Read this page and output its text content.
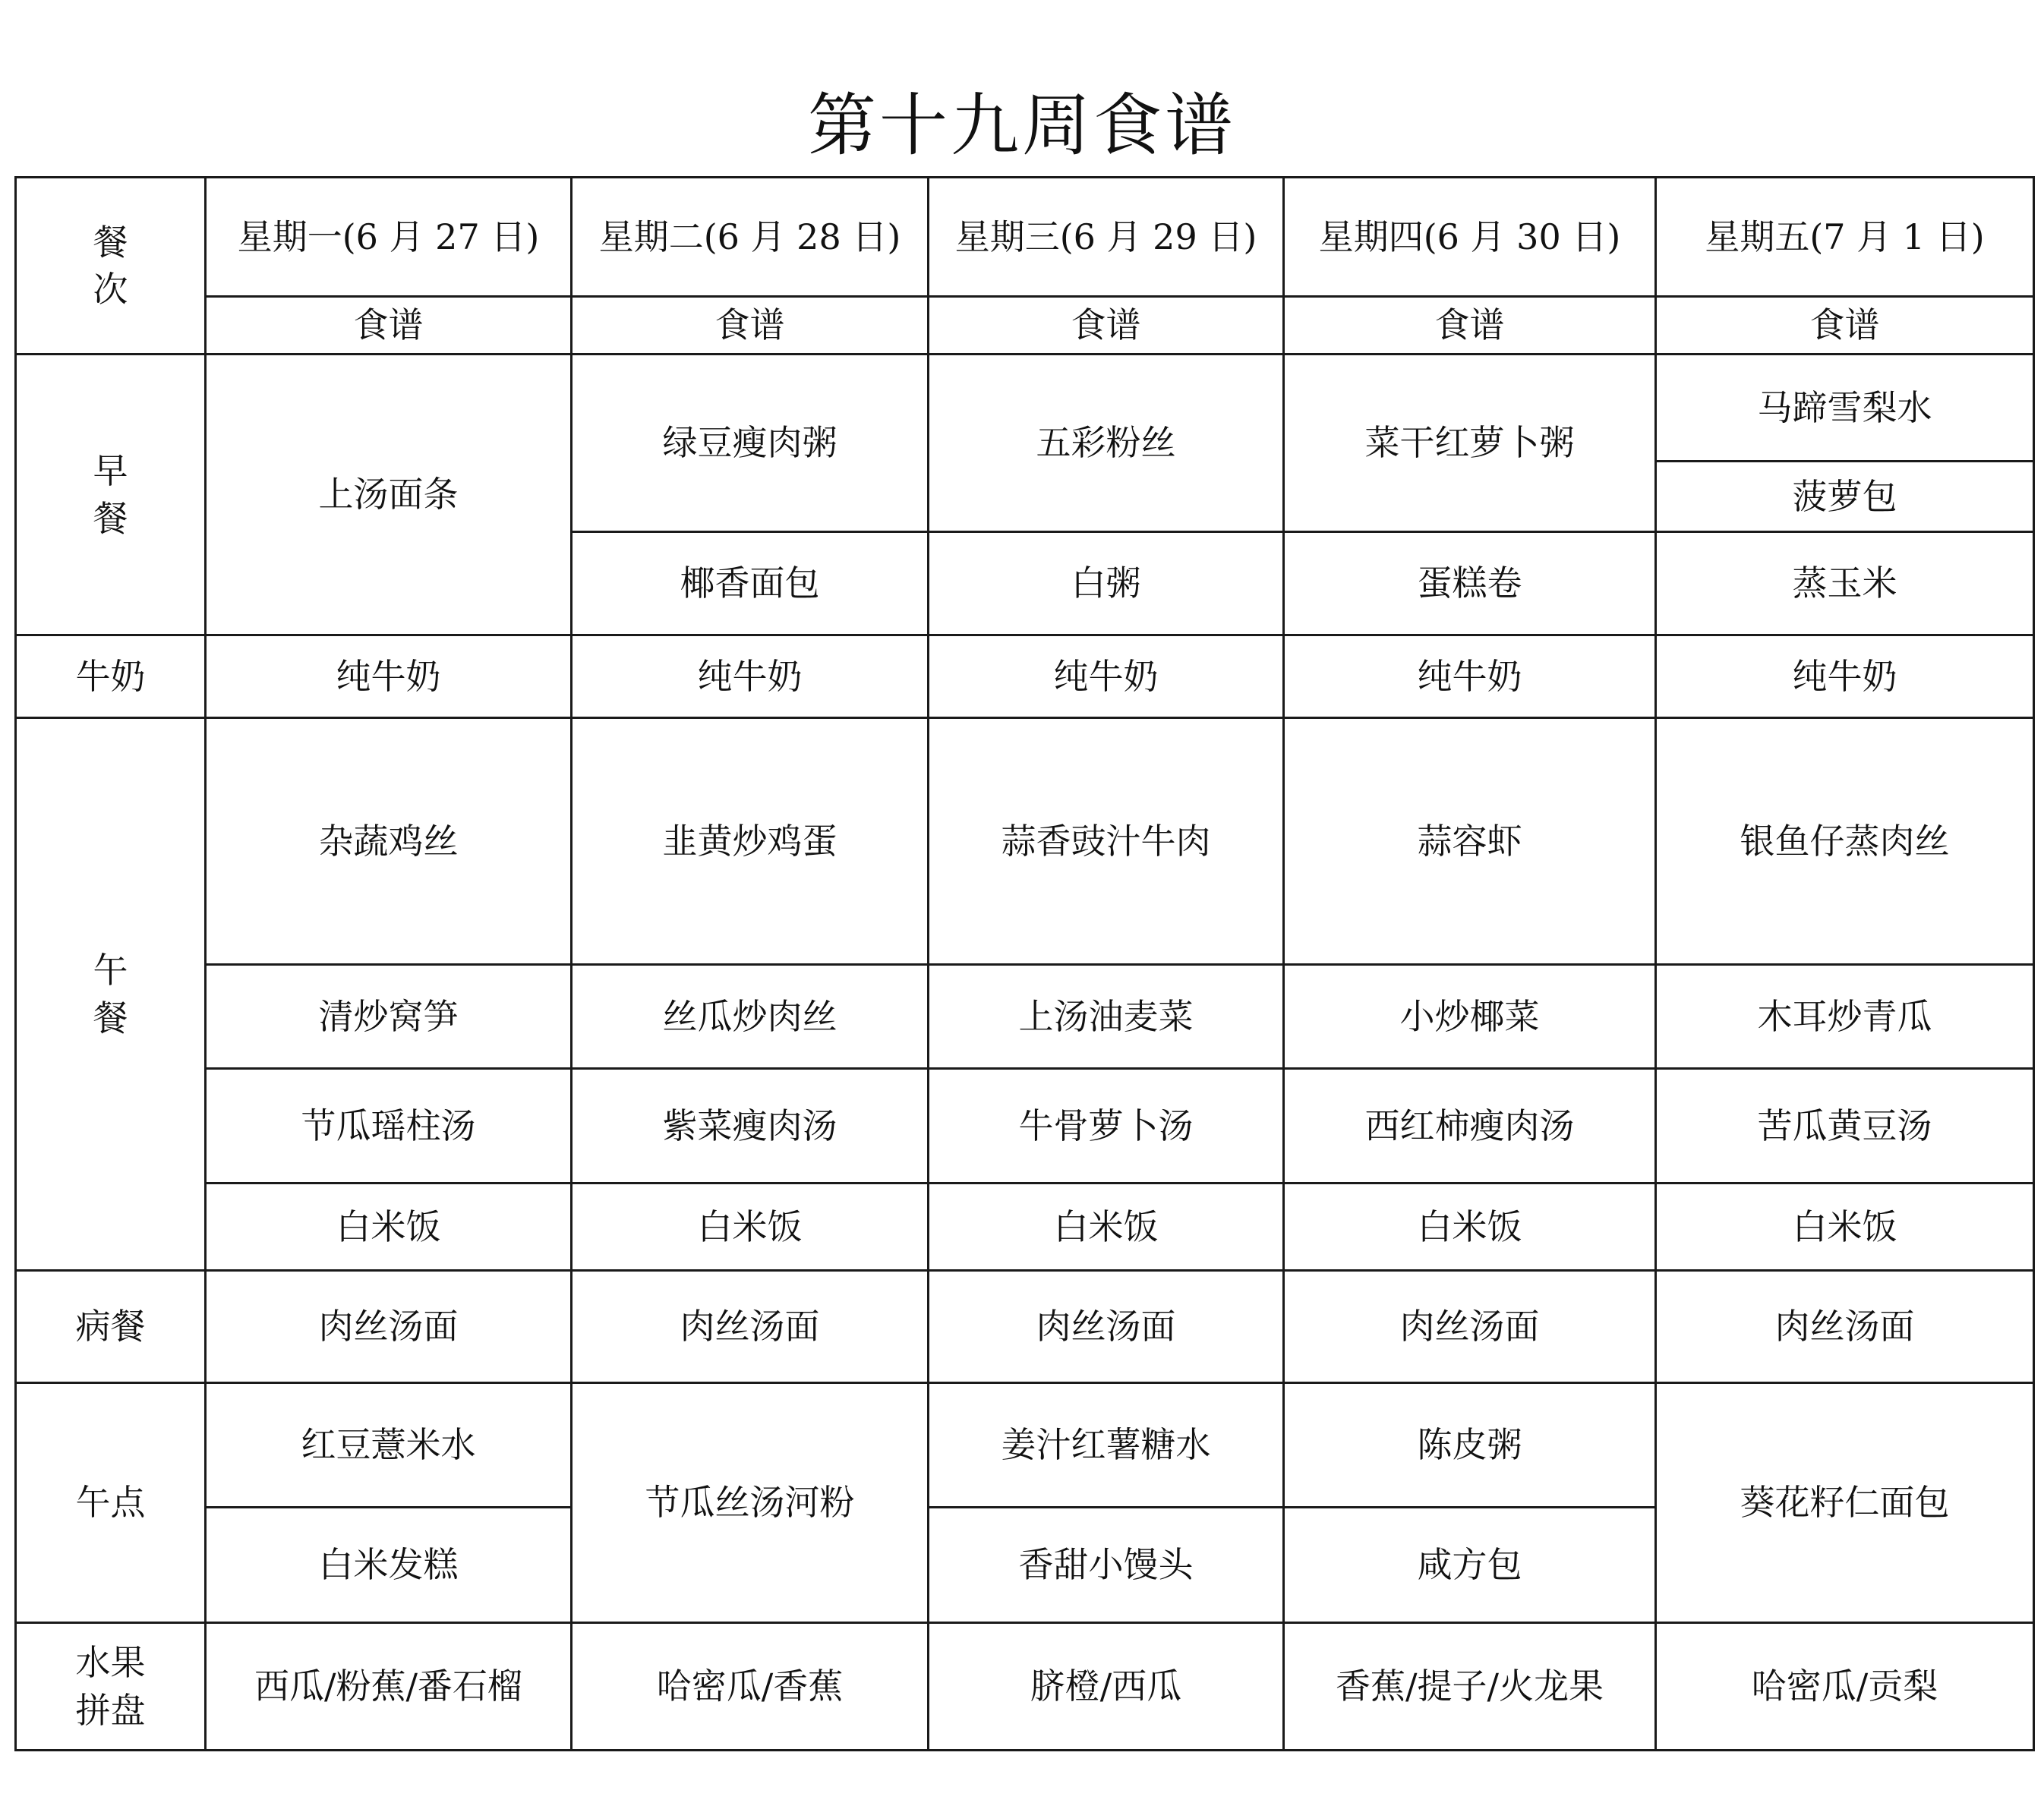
第十九周食谱
餐
次	星期一(6 月 27 日)	星期二(6 月 28 日)	星期三(6 月 29 日)	星期四(6 月 30 日)	星期五(7 月 1 日)
	食谱	食谱	食谱	食谱	食谱

早
餐	上汤面条	绿豆瘦肉粥	五彩粉丝	菜干红萝卜粥	马蹄雪梨水
					菠萝包
		椰香面包	白粥	蛋糕卷	蒸玉米
牛奶	纯牛奶	纯牛奶	纯牛奶	纯牛奶	纯牛奶

午
餐	杂蔬鸡丝	韭黄炒鸡蛋	蒜香豉汁牛肉	蒜容虾	银鱼仔蒸肉丝
	清炒窝笋	丝瓜炒肉丝	上汤油麦菜	小炒椰菜	木耳炒青瓜
	节瓜瑶柱汤	紫菜瘦肉汤	牛骨萝卜汤	西红柿瘦肉汤	苦瓜黄豆汤
	白米饭	白米饭	白米饭	白米饭	白米饭
病餐	肉丝汤面	肉丝汤面	肉丝汤面	肉丝汤面	肉丝汤面
午点	红豆薏米水	节瓜丝汤河粉	姜汁红薯糖水	陈皮粥	葵花籽仁面包
	白米发糕		香甜小馒头	咸方包	

水果
拼盘	西瓜/粉蕉/番石榴	哈密瓜/香蕉	脐橙/西瓜	香蕉/提子/火龙果	哈密瓜/贡梨
